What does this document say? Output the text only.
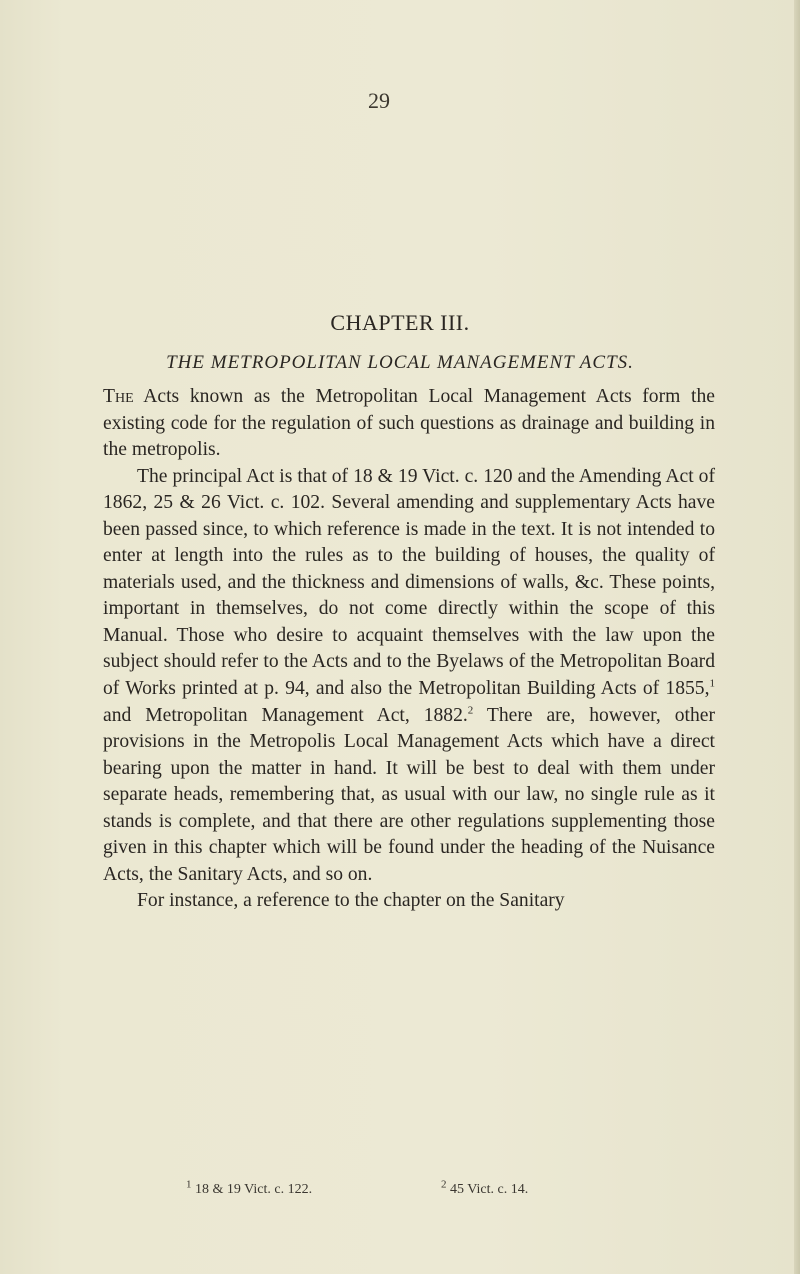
29
CHAPTER III.
THE METROPOLITAN LOCAL MANAGEMENT ACTS.

The Acts known as the Metropolitan Local Management Acts form the existing code for the regulation of such questions as drainage and building in the metropolis.

The principal Act is that of 18 & 19 Vict. c. 120 and the Amending Act of 1862, 25 & 26 Vict. c. 102. Several amending and supplementary Acts have been passed since, to which reference is made in the text. It is not intended to enter at length into the rules as to the building of houses, the quality of materials used, and the thickness and dimensions of walls, &c. These points, important in themselves, do not come directly within the scope of this Manual. Those who desire to acquaint themselves with the law upon the subject should refer to the Acts and to the Byelaws of the Metropolitan Board of Works printed at p. 94, and also the Metropolitan Building Acts of 1855,$^1$ and Metropolitan Management Act, 1882.$^2$ There are, however, other provisions in the Metropolis Local Management Acts which have a direct bearing upon the matter in hand. It will be best to deal with them under separate heads, remembering that, as usual with our law, no single rule as it stands is complete, and that there are other regulations supplementing those given in this chapter which will be found under the heading of the Nuisance Acts, the Sanitary Acts, and so on.

For instance, a reference to the chapter on the Sanitary

$^1$ 18 & 19 Vict. c. 122.	$^2$ 45 Vict. c. 14.
